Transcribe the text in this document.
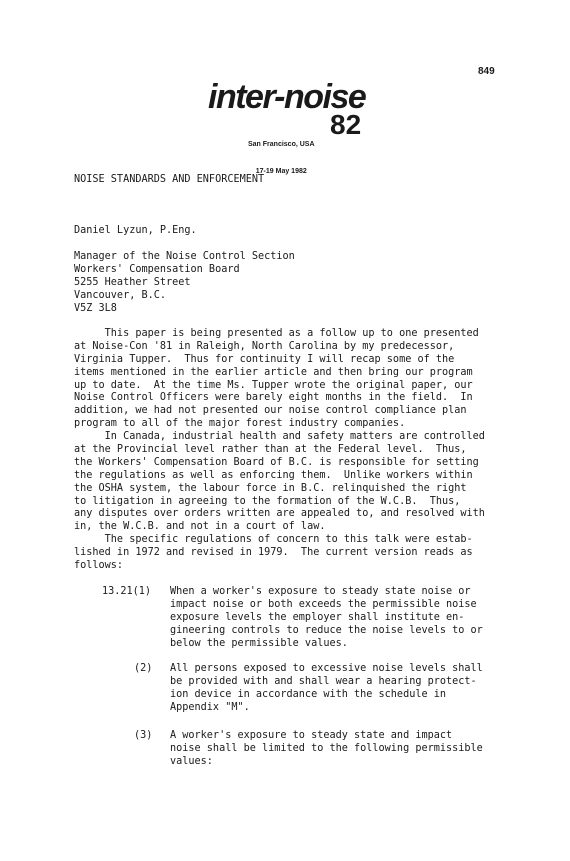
849
inter-noise

San Francisco, USA

17-19 May 1982

82
NOISE STANDARDS AND ENFORCEMENT
Daniel Lyzun, P.Eng.
Manager of the Noise Control Section
Workers' Compensation Board
5255 Heather Street
Vancouver, B.C.
V5Z 3L8
This paper is being presented as a follow up to one presented
at Noise-Con '81 in Raleigh, North Carolina by my predecessor,
Virginia Tupper.  Thus for continuity I will recap some of the
items mentioned in the earlier article and then bring our program
up to date.  At the time Ms. Tupper wrote the original paper, our
Noise Control Officers were barely eight months in the field.  In
addition, we had not presented our noise control compliance plan
program to all of the major forest industry companies.
In Canada, industrial health and safety matters are controlled
at the Provincial level rather than at the Federal level.  Thus,
the Workers' Compensation Board of B.C. is responsible for setting
the regulations as well as enforcing them.  Unlike workers within
the OSHA system, the labour force in B.C. relinquished the right
to litigation in agreeing to the formation of the W.C.B.  Thus,
any disputes over orders written are appealed to, and resolved with
in, the W.C.B. and not in a court of law.
The specific regulations of concern to this talk were estab-
lished in 1972 and revised in 1979.  The current version reads as
follows:
13.21(1) When a worker's exposure to steady state noise or
impact noise or both exceeds the permissible noise
exposure levels the employer shall institute en-
gineering controls to reduce the noise levels to or
below the permissible values.
(2) All persons exposed to excessive noise levels shall
be provided with and shall wear a hearing protect-
ion device in accordance with the schedule in
Appendix "M".
(3) A worker's exposure to steady state and impact
noise shall be limited to the following permissible
values:
